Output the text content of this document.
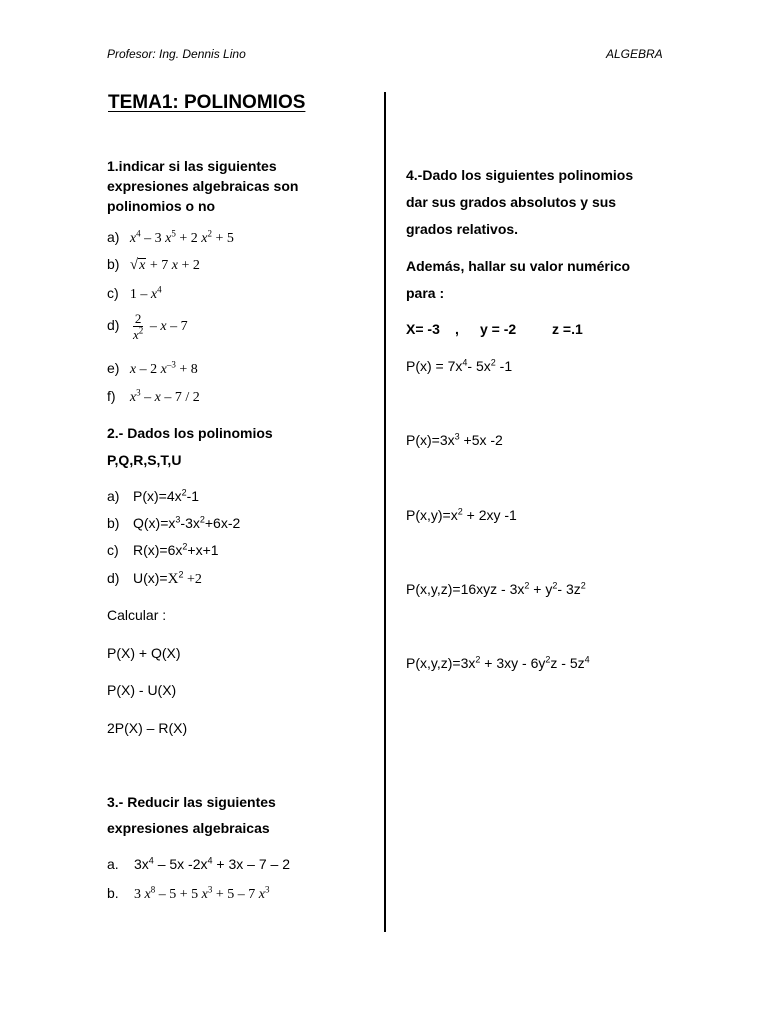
Profesor: Ing. Dennis Lino	ALGEBRA
TEMA1: POLINOMIOS
1.indicar si las siguientes
expresiones algebraicas son
polinomios o no
a) $x^4 - 3$ $x^5 + 2$ $x^2 + 5$
b) √ x + 7 x + 2
c) $1 - x^4$
$d) \frac{2}{x^2}$ – x – 7
e) x – 2 $x^{-3} + 8$
f) $x^3$ – x – 7 / 2
2.- Dados los polinomios
P,Q,R,S,T,U
a) $P(x)=4x^2-1$
b) $Q(x)=x^3-3x^2+6x-2$
c) $R(x)=6x^2+x+1$
d) $U(x)=X^2 +2$
Calcular :
P(X) + Q(X)
P(X) - U(X)
2P(X) – R(X)
3.- Reducir las siguientes
expresiones algebraicas
a. $3x^4 - 5x$ $-2x^4 + 3x - 7 - 2$
b. 3 $x^8 - 5 + 5$ $x^3 + 5 - 7$ $x^3$
4.-Dado los siguientes polinomios
dar sus grados absolutos y sus
grados relativos.
Además, hallar su valor numérico
para :
X= -3 , y = -2	z =.1
$P(x) = 7x^4-$ $5x^2$ -1
$P(x)=3x^3 +5x$ -2
$P(x,y)=x^2 + 2xy$ -1
$P(x,y,z)=16xyz - 3x^2 + y^2-$ $3z^2$
$P(x,y,z)=3x^2 + 3xy - 6y^2z - 5z^4$
